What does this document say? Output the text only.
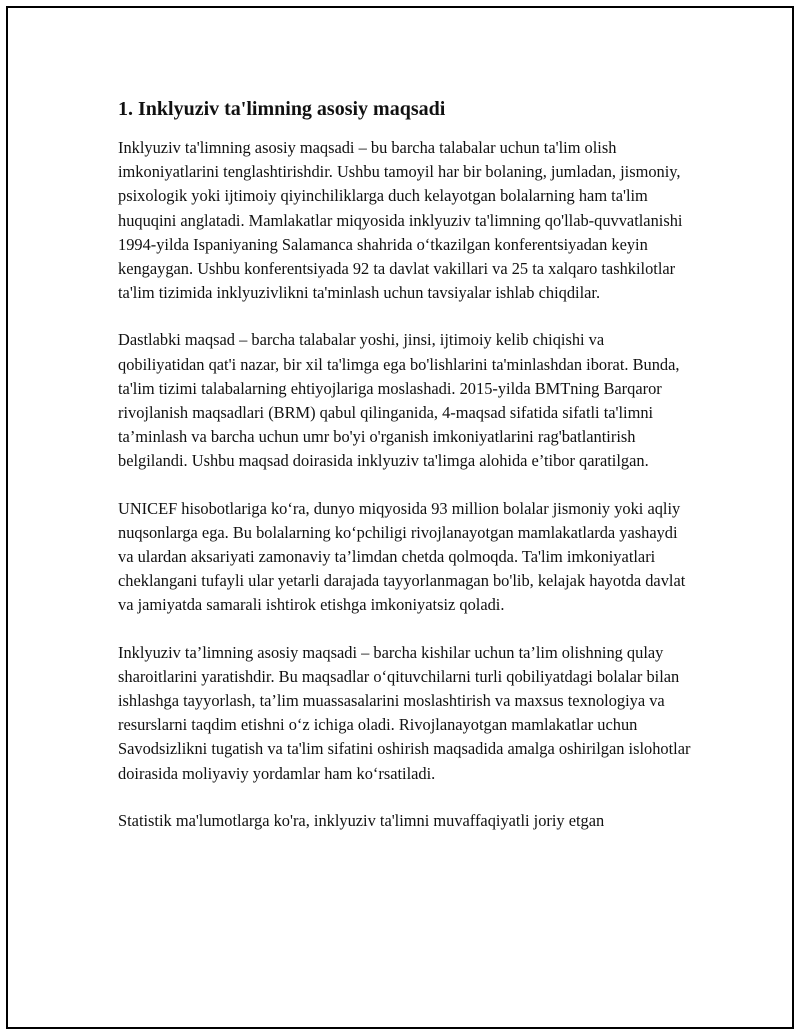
1. Inklyuziv ta'limning asosiy maqsadi

Inklyuziv ta'limning asosiy maqsadi – bu barcha talabalar uchun ta'lim olish imkoniyatlarini tenglashtirishdir. Ushbu tamoyil har bir bolaning, jumladan, jismoniy, psixologik yoki ijtimoiy qiyinchiliklarga duch kelayotgan bolalarning ham ta'lim huquqini anglatadi. Mamlakatlar miqyosida inklyuziv ta'limning qo'llab-quvvatlanishi 1994-yilda Ispaniyaning Salamanca shahrida o‘tkazilgan konferentsiyadan keyin kengaygan. Ushbu konferentsiyada 92 ta davlat vakillari va 25 ta xalqaro tashkilotlar ta'lim tizimida inklyuzivlikni ta'minlash uchun tavsiyalar ishlab chiqdilar.

Dastlabki maqsad – barcha talabalar yoshi, jinsi, ijtimoiy kelib chiqishi va qobiliyatidan qat'i nazar, bir xil ta'limga ega bo'lishlarini ta'minlashdan iborat. Bunda, ta'lim tizimi talabalarning ehtiyojlariga moslashadi. 2015-yilda BMTning Barqaror rivojlanish maqsadlari (BRM) qabul qilinganida, 4-maqsad sifatida sifatli ta'limni ta’minlash va barcha uchun umr bo'yi o'rganish imkoniyatlarini rag'batlantirish belgilandi. Ushbu maqsad doirasida inklyuziv ta'limga alohida e’tibor qaratilgan.

UNICEF hisobotlariga ko‘ra, dunyo miqyosida 93 million bolalar jismoniy yoki aqliy nuqsonlarga ega. Bu bolalarning ko‘pchiligi rivojlanayotgan mamlakatlarda yashaydi va ulardan aksariyati zamonaviy ta’limdan chetda qolmoqda. Ta'lim imkoniyatlari cheklangani tufayli ular yetarli darajada tayyorlanmagan bo'lib, kelajak hayotda davlat va jamiyatda samarali ishtirok etishga imkoniyatsiz qoladi.

Inklyuziv ta’limning asosiy maqsadi – barcha kishilar uchun ta’lim olishning qulay sharoitlarini yaratishdir. Bu maqsadlar o‘qituvchilarni turli qobiliyatdagi bolalar bilan ishlashga tayyorlash, ta’lim muassasalarini moslashtirish va maxsus texnologiya va resurslarni taqdim etishni o‘z ichiga oladi. Rivojlanayotgan mamlakatlar uchun Savodsizlikni tugatish va ta'lim sifatini oshirish maqsadida amalga oshirilgan islohotlar doirasida moliyaviy yordamlar ham ko‘rsatiladi.

Statistik ma'lumotlarga ko'ra, inklyuziv ta'limni muvaffaqiyatli joriy etgan
